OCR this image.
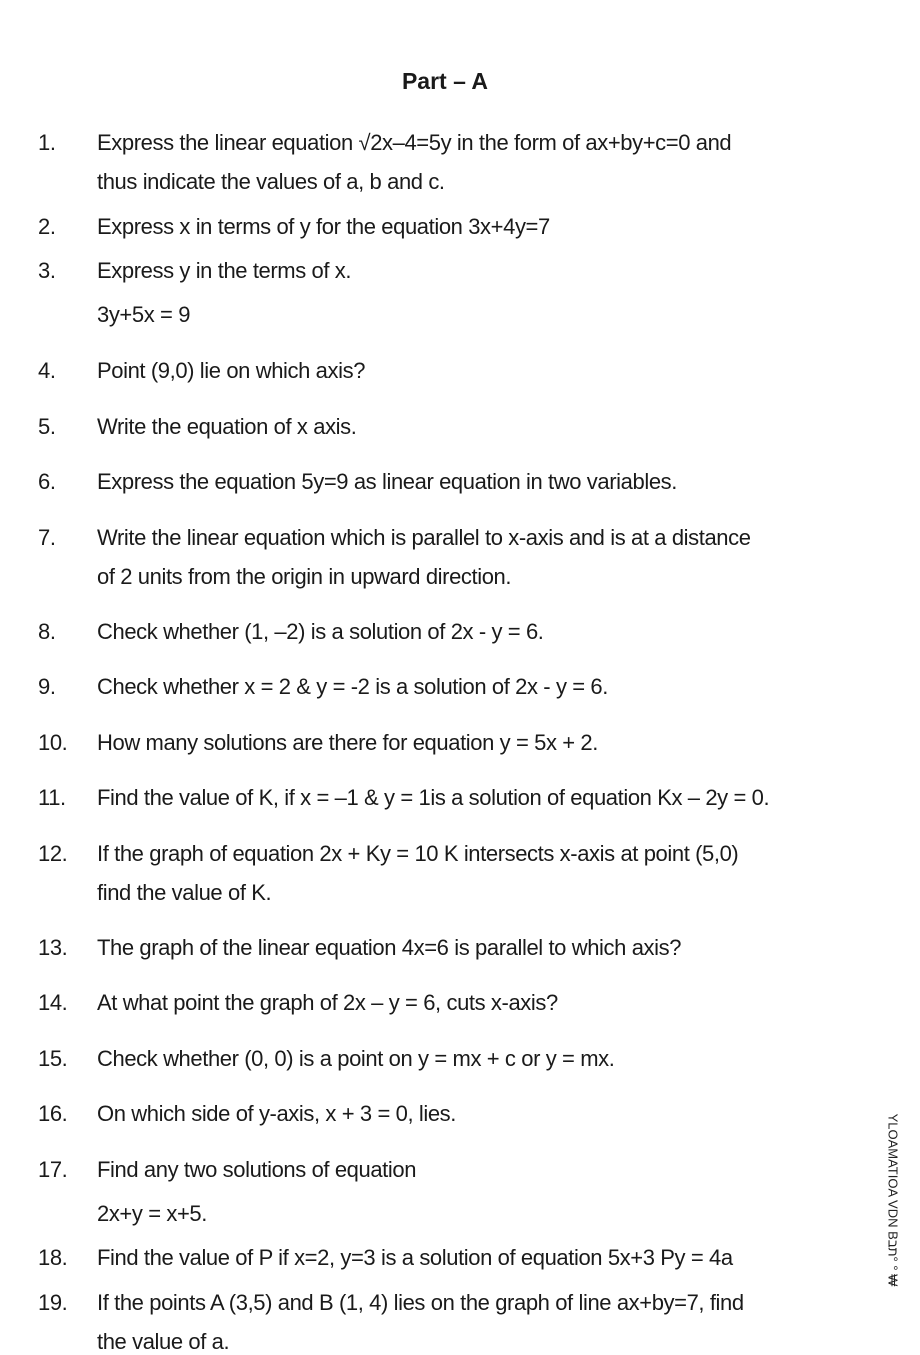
Part – A
1. Express the linear equation √2x–4=5y in the form of ax+by+c=0 and
thus indicate the values of a, b and c.
2. Express x in terms of y for the equation 3x+4y=7
3. Express y in the terms of x.
3y+5x = 9
4. Point (9,0) lie on which axis?
5. Write the equation of x axis.
6. Express the equation 5y=9 as linear equation in two variables.
7. Write the linear equation which is parallel to x-axis and is at a distance
of 2 units from the origin in upward direction.
8. Check whether (1, –2) is a solution of 2x - y = 6.
9. Check whether x = 2 & y = -2 is a solution of 2x - y = 6.
10. How many solutions are there for equation y = 5x + 2.
11. Find the value of K, if x = –1 & y = 1is a solution of equation Kx – 2y = 0.
12. If the graph of equation 2x + Ky = 10 K intersects x-axis at point (5,0)
find the value of K.
13. The graph of the linear equation 4x=6 is parallel to which axis?
14. At what point the graph of 2x – y = 6, cuts x-axis?
15. Check whether (0, 0) is a point on y = mx + c or y = mx.
16. On which side of y-axis, x + 3 = 0, lies.
17. Find any two solutions of equation
2x+y = x+5.
18. Find the value of P if x=2, y=3 is a solution of equation 5x+3 Py = 4a
19. If the points A (3,5) and B (1, 4) lies on the graph of line ax+by=7, find
the value of a.
YLOAMATIOA VDN Bתב° ° ₩
